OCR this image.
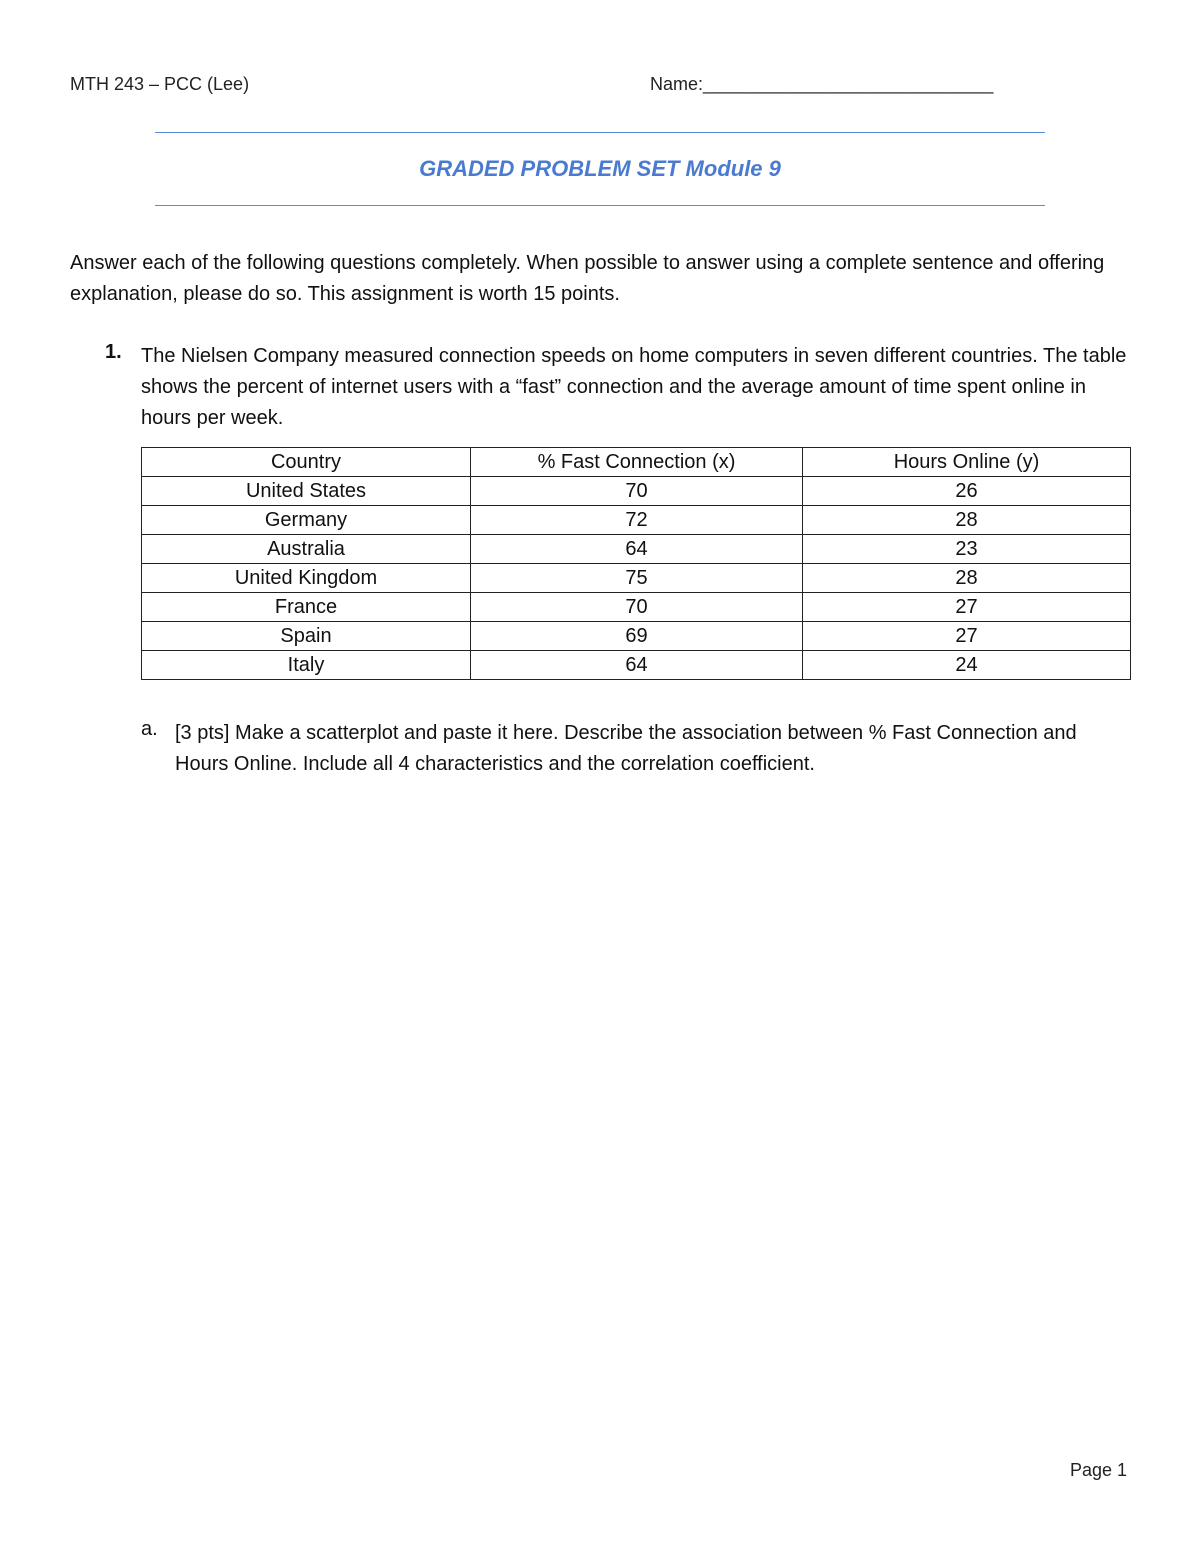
MTH 243 – PCC (Lee)	Name:_____________________________
GRADED PROBLEM SET Module 9
Answer each of the following questions completely. When possible to answer using a complete sentence and offering explanation, please do so. This assignment is worth 15 points.
1. The Nielsen Company measured connection speeds on home computers in seven different countries. The table shows the percent of internet users with a “fast” connection and the average amount of time spent online in hours per week.
Country	% Fast Connection (x)	Hours Online (y)
United States	70	26
Germany	72	28
Australia	64	23
United Kingdom	75	28
France	70	27
Spain	69	27
Italy	64	24
a. [3 pts] Make a scatterplot and paste it here. Describe the association between % Fast Connection and Hours Online. Include all 4 characteristics and the correlation coefficient.
Page 1
